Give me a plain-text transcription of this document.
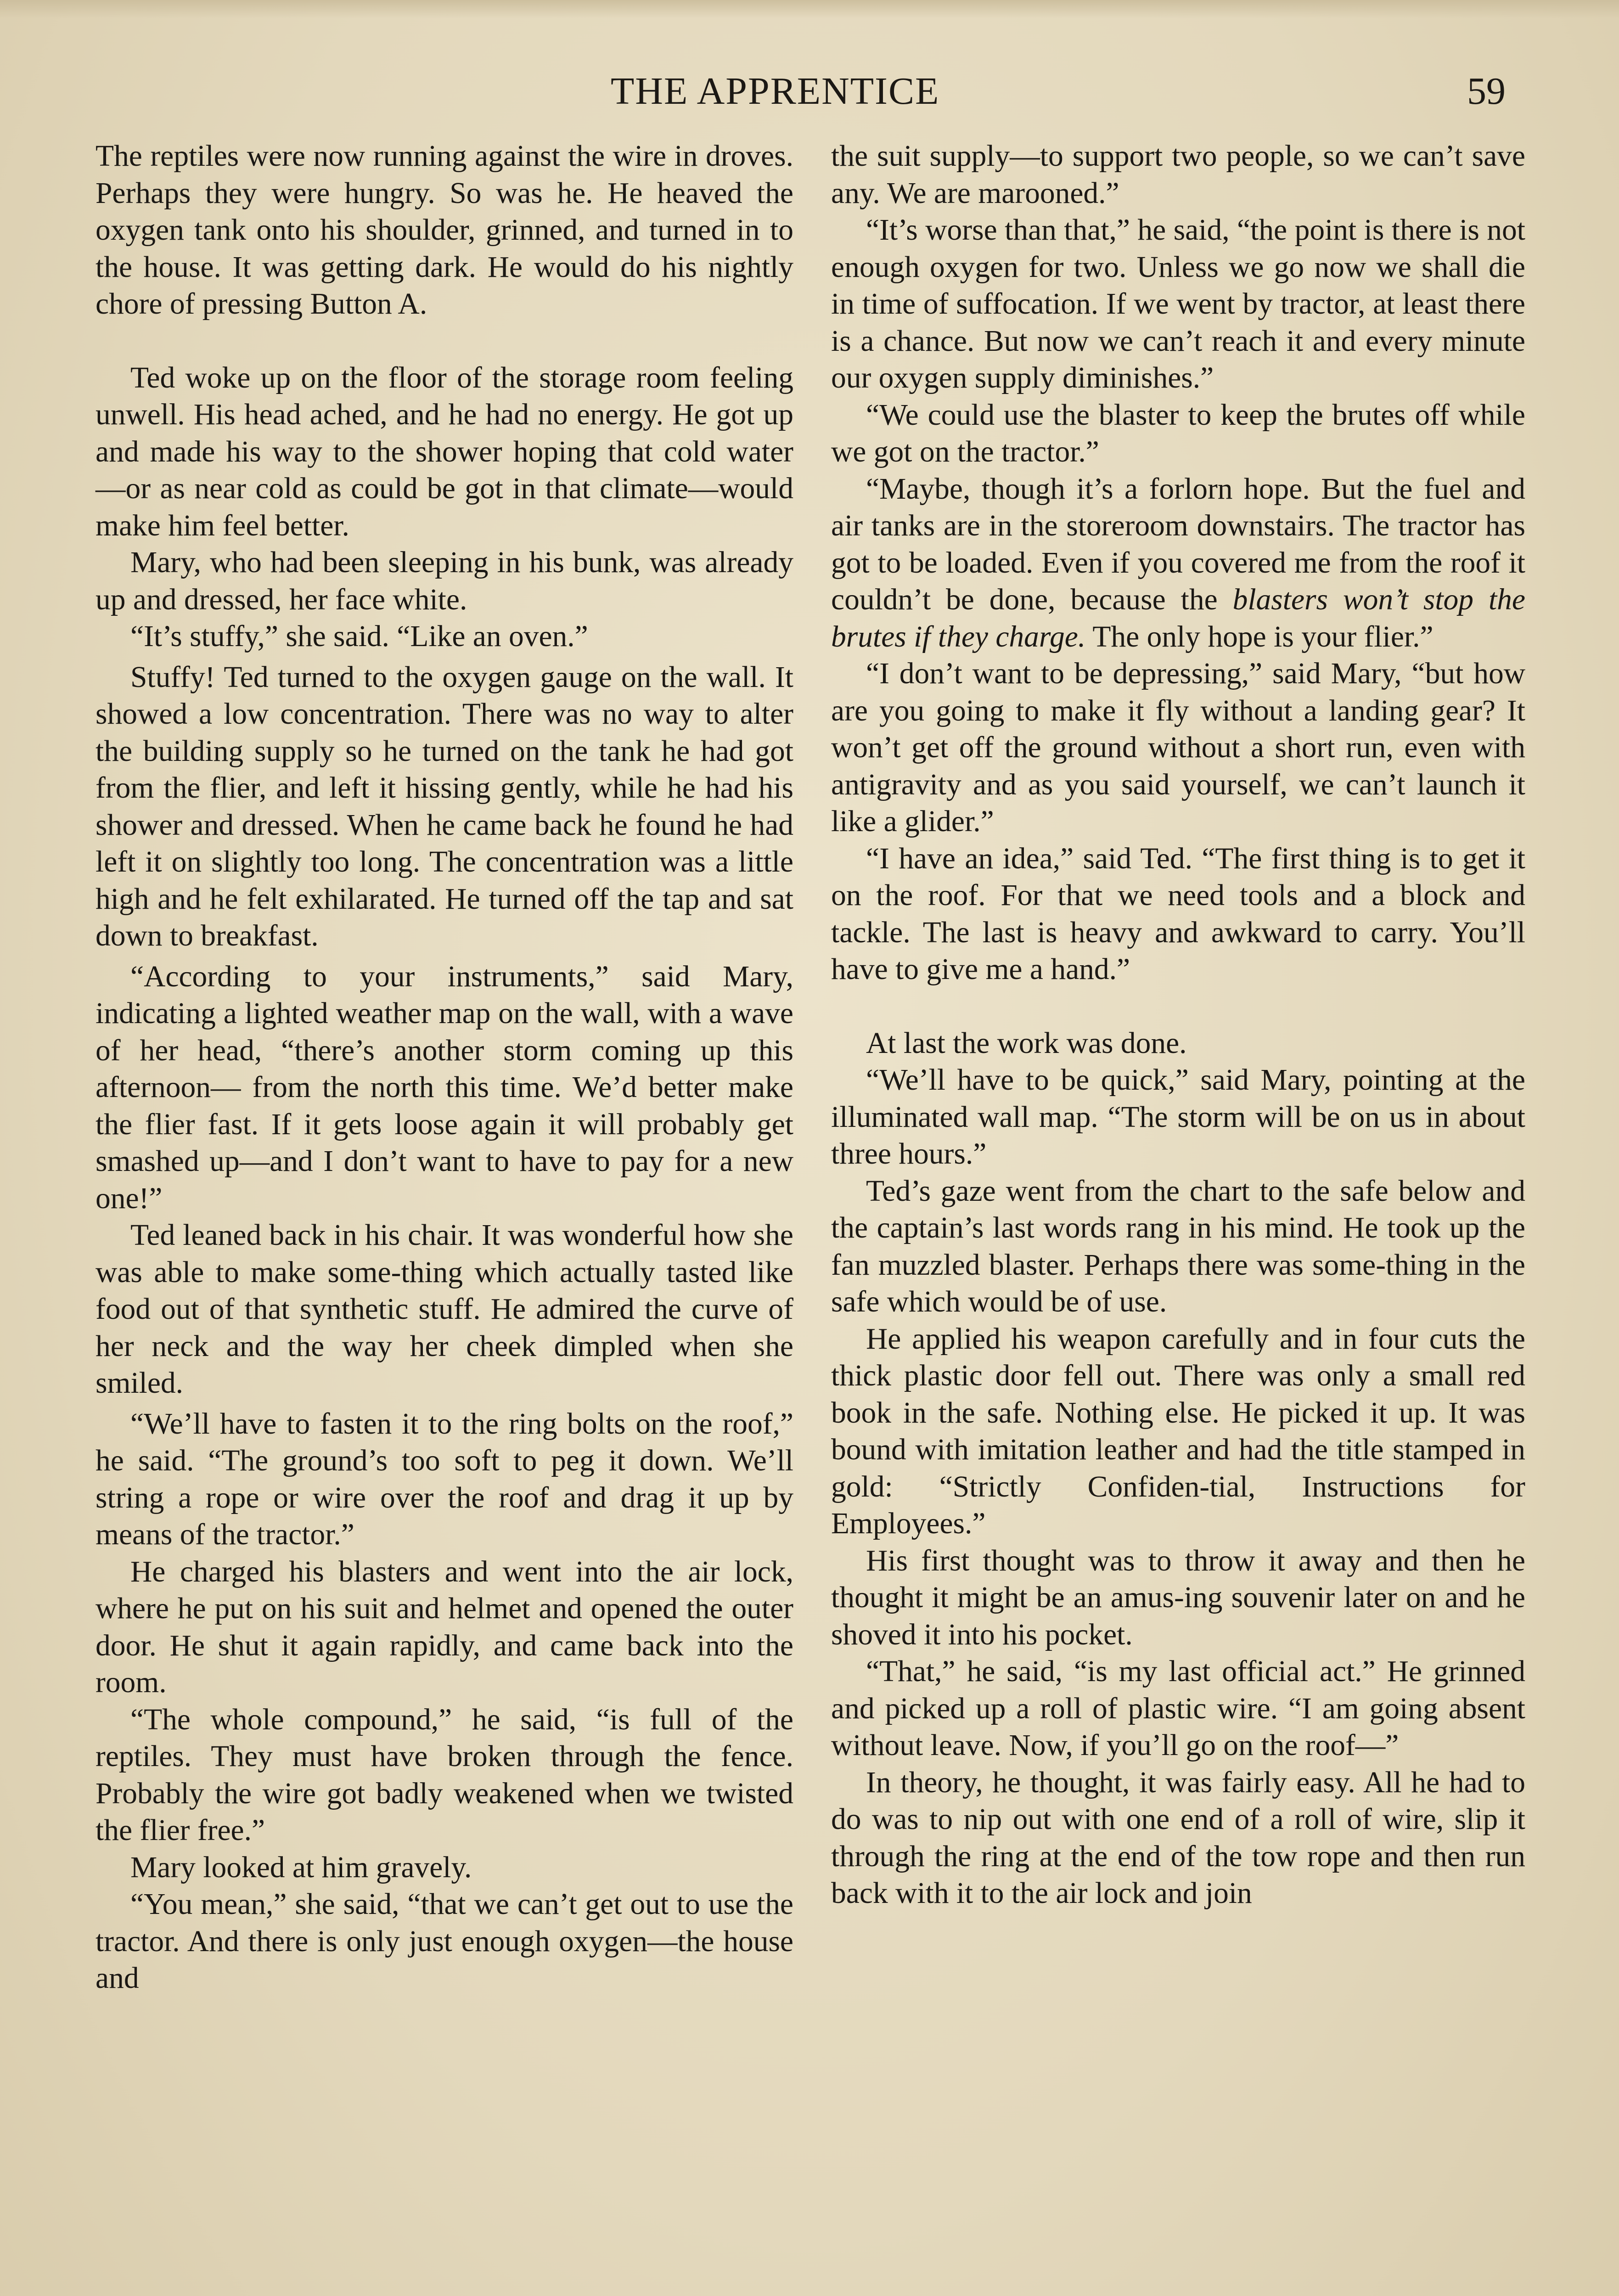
THE APPRENTICE	59

The reptiles were now running against the wire in droves. Perhaps they were hungry. So was he. He heaved the oxygen tank onto his shoulder, grinned, and turned in to the house. It was getting dark. He would do his nightly chore of pressing Button A.

Ted woke up on the floor of the storage room feeling unwell. His head ached, and he had no energy. He got up and made his way to the shower hoping that cold water —or as near cold as could be got in that climate—would make him feel better.

Mary, who had been sleeping in his bunk, was already up and dressed, her face white.

“It’s stuffy,” she said. “Like an oven.”

Stuffy! Ted turned to the oxygen gauge on the wall. It showed a low concentration. There was no way to alter the building supply so he turned on the tank he had got from the flier, and left it hissing gently, while he had his shower and dressed. When he came back he found he had left it on slightly too long. The concentration was a little high and he felt exhilarated. He turned off the tap and sat down to breakfast.

“According to your instruments,” said Mary, indicating a lighted weather map on the wall, with a wave of her head, “there’s another storm coming up this afternoon— from the north this time. We’d better make the flier fast. If it gets loose again it will probably get smashed up—and I don’t want to have to pay for a new one!”

Ted leaned back in his chair. It was wonderful how she was able to make some-thing which actually tasted like food out of that synthetic stuff. He admired the curve of her neck and the way her cheek dimpled when she smiled.

“We’ll have to fasten it to the ring bolts on the roof,” he said. “The ground’s too soft to peg it down. We’ll string a rope or wire over the roof and drag it up by means of the tractor.”

He charged his blasters and went into the air lock, where he put on his suit and helmet and opened the outer door. He shut it again rapidly, and came back into the room.

“The whole compound,” he said, “is full of the reptiles. They must have broken through the fence. Probably the wire got badly weakened when we twisted the flier free.”

Mary looked at him gravely.

“You mean,” she said, “that we can’t get out to use the tractor. And there is only just enough oxygen—the house and

the suit supply—to support two people, so we can’t save any. We are marooned.”

“It’s worse than that,” he said, “the point is there is not enough oxygen for two. Unless we go now we shall die in time of suffocation. If we went by tractor, at least there is a chance. But now we can’t reach it and every minute our oxygen supply diminishes.”

“We could use the blaster to keep the brutes off while we got on the tractor.”

“Maybe, though it’s a forlorn hope. But the fuel and air tanks are in the storeroom downstairs. The tractor has got to be loaded. Even if you covered me from the roof it couldn’t be done, because the blasters won’t stop the brutes if they charge. The only hope is your flier.”

“I don’t want to be depressing,” said Mary, “but how are you going to make it fly without a landing gear? It won’t get off the ground without a short run, even with antigravity and as you said yourself, we can’t launch it like a glider.”

“I have an idea,” said Ted. “The first thing is to get it on the roof. For that we need tools and a block and tackle. The last is heavy and awkward to carry. You’ll have to give me a hand.”

At last the work was done.

“We’ll have to be quick,” said Mary, pointing at the illuminated wall map. “The storm will be on us in about three hours.”

Ted’s gaze went from the chart to the safe below and the captain’s last words rang in his mind. He took up the fan muzzled blaster. Perhaps there was some-thing in the safe which would be of use.

He applied his weapon carefully and in four cuts the thick plastic door fell out. There was only a small red book in the safe. Nothing else. He picked it up. It was bound with imitation leather and had the title stamped in gold: “Strictly Confiden-tial, Instructions for Employees.”

His first thought was to throw it away and then he thought it might be an amus-ing souvenir later on and he shoved it into his pocket.

“That,” he said, “is my last official act.” He grinned and picked up a roll of plastic wire. “I am going absent without leave. Now, if you’ll go on the roof—”

In theory, he thought, it was fairly easy. All he had to do was to nip out with one end of a roll of wire, slip it through the ring at the end of the tow rope and then run back with it to the air lock and join
